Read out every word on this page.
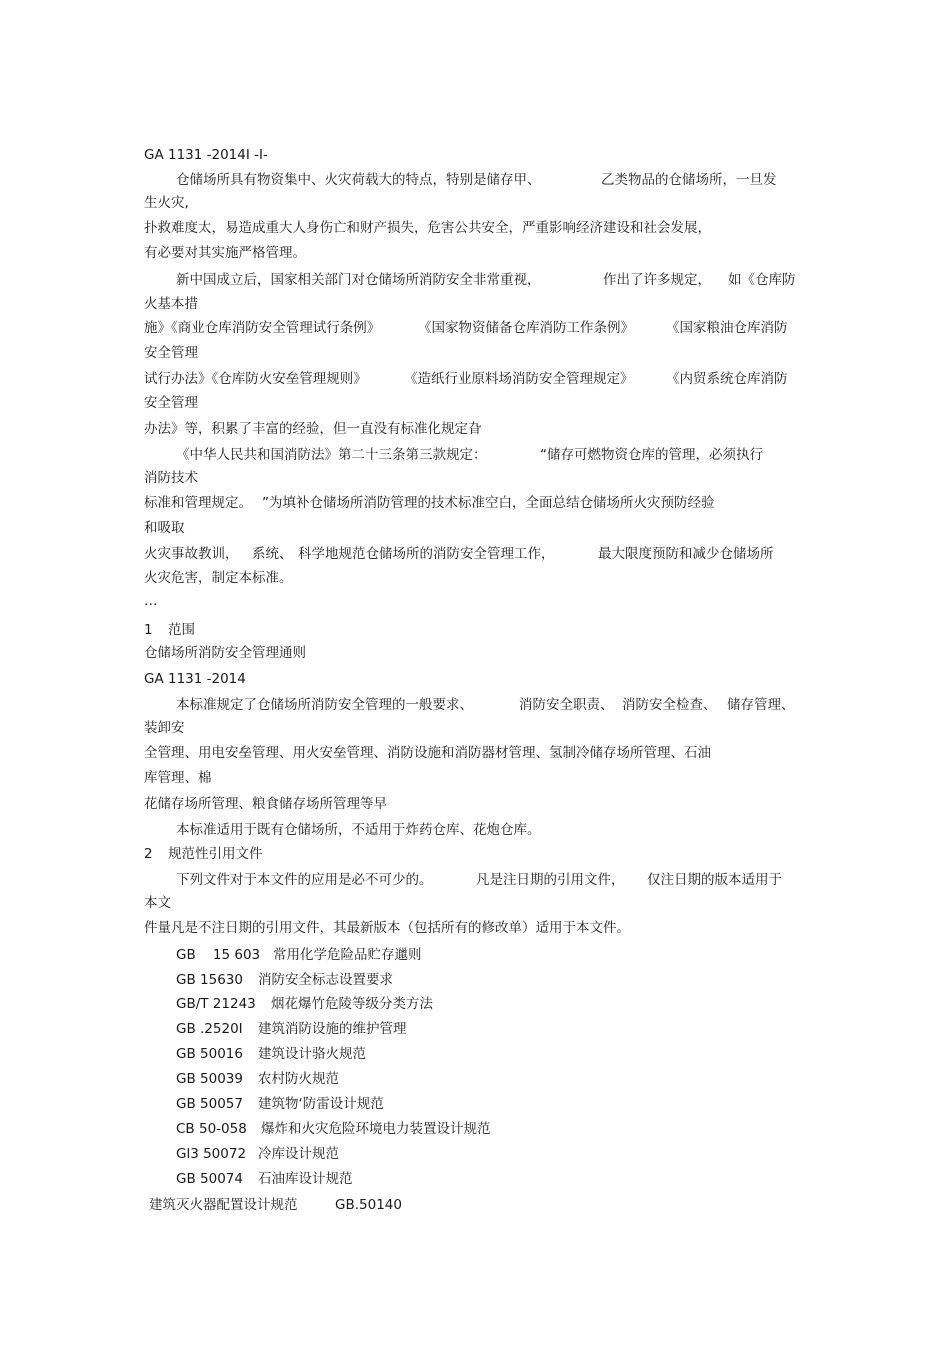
GA 1131 -2014I -I-
仓储场所具有物资集中、火灾荷载大的特点，特别是储存甲、	乙类物品的仓储场所，一旦发
生火灾,
扑救难度太，易造成重大人身伤亡和财产损失，危害公共安全，严重影响经济建设和社会发展，
有必要对其实施严格管理。
新中国成立后，国家相关部门对仓储场所消防安全非常重视，	作出了许多规定， 如《仓库防
火基本措
施》《商业仓库消防安全管理试行条例》	《国家物资储备仓库消防工作条例》 《国家粮油仓库消防
安全管理
试行办法》《仓库防火安垒管理规则》	《造纸行业原料场消防安全管理规定》 《内贸系统仓库消防
安全管理
办法》等，积累了丰富的经验，但一直没有标准化规定旮
《中华人民共和国消防法》第二十三条第三款规定：	“储存可燃物资仓库的管理，必须执行
消防技术
标准和管理规定。 ”为填补仓储场所消防管理的技术标准空白，全面总结仓储场所火灾预防经验
和吸取
火灾事故教训， 系统、 科学地规范仓储场所的消防安全管理工作，	最大限度预防和减少仓储场所
火灾危害，制定本标准。
…
1 范围
仓储场所消防安全管理通则
GA 1131 -2014
本标准规定了仓储场所消防安全管理的一般要求、	消防安全职责、 消防安全检查、 储存管理、
装卸安
全管理、用电安垒管理、用火安垒管理、消防设施和消防器材管理、氢制冷储存场所管理、石油
库管理、棉
花储存场所管理、粮食储存场所管理等早
本标准适用于既有仓储场所，不适用于炸药仓库、花炮仓库。
2 规范性引用文件
下列文件对于本文件的应用是必不可少的。	凡是注日期的引用文件， 仅注日期的版本适用于
本文
件量凡是不注日期的引用文件，其最新版本（包括所有的修改单）适用于本文件。
GB    15 603 常用化学危险品贮存邋则
GB 15630 消防安全标志设置要求
GB/T 21243 烟花爆竹危陵等级分类方法
GB .2520I 建筑消防设施的维护管理
GB 50016 建筑设计骆火规范
GB 50039 农村防火规范
GB 50057 建筑物‘防雷设计规范
CB 50-058 爆炸和火灾危险环境电力装置设计规范
Gl3 50072 冷库设计规范
GB 50074 石油库设计规范
建筑灭火器配置设计规范	GB.50140
